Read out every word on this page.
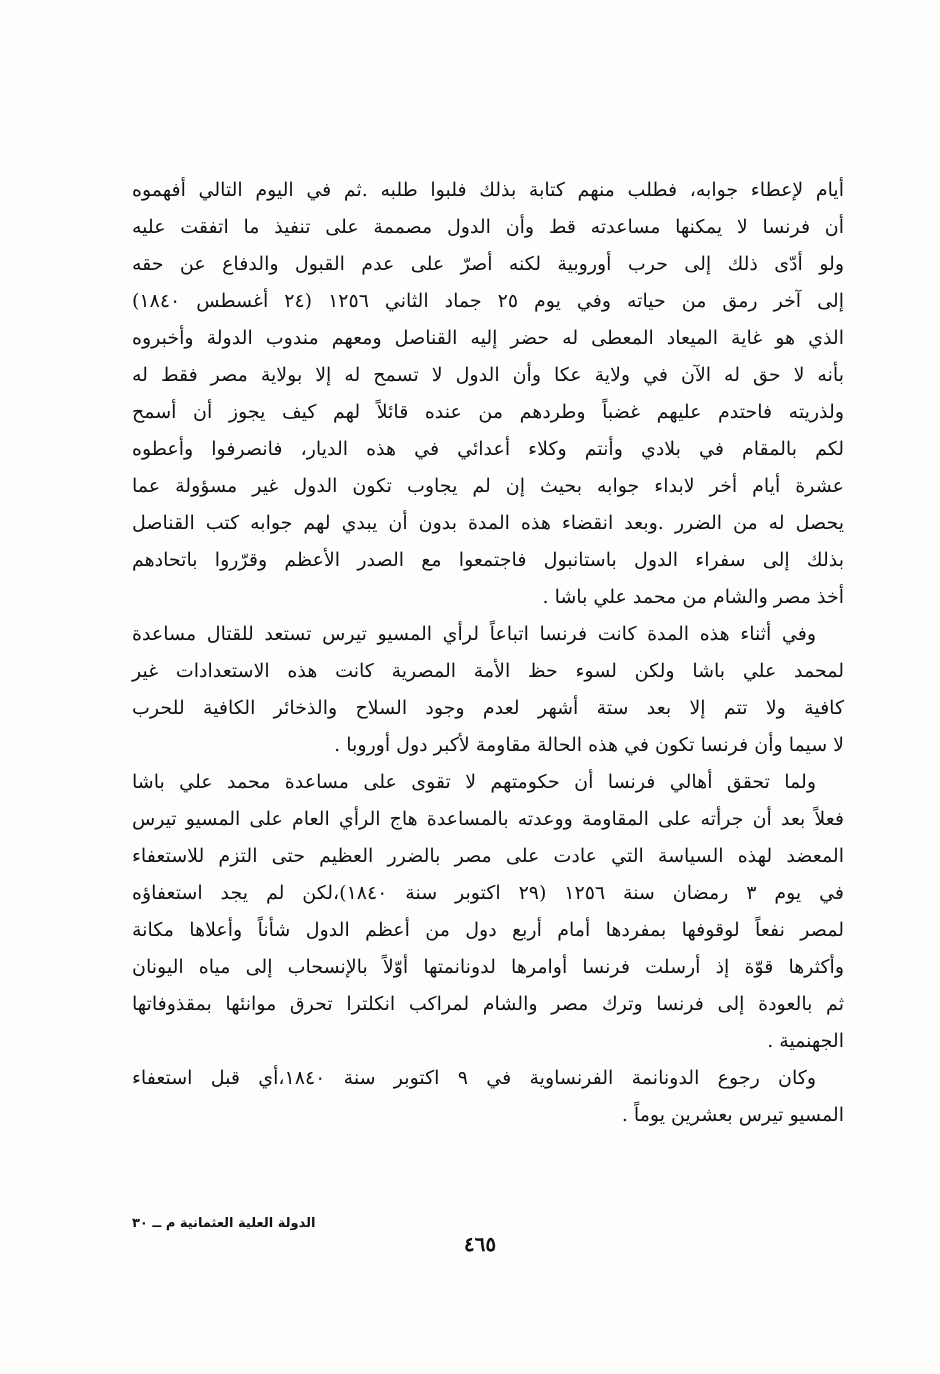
أيام لإعطاء جوابه، فطلب منهم كتابة بذلك فلبوا طلبه .ثم في اليوم التالي أفهموه
أن فرنسا لا يمكنها مساعدته قط وأن الدول مصممة على تنفيذ ما اتفقت عليه
ولو أدّى ذلك إلى حرب أوروبية لكنه أصرّ على عدم القبول والدفاع عن حقه
إلى آخر رمق من حياته وفي يوم ٢٥ جماد الثاني ١٢٥٦ (٢٤ أغسطس ١٨٤٠)
الذي هو غاية الميعاد المعطى له حضر إليه القناصل ومعهم مندوب الدولة وأخبروه
بأنه لا حق له الآن في ولاية عكا وأن الدول لا تسمح له إلا بولاية مصر فقط له
ولذريته فاحتدم عليهم غضباً وطردهم من عنده قائلاً لهم كيف يجوز أن أسمح
لكم بالمقام في بلادي وأنتم وكلاء أعدائي في هذه الديار، فانصرفوا وأعطوه
عشرة أيام أخر لابداء جوابه بحيث إن لم يجاوب تكون الدول غير مسؤولة عما
يحصل له من الضرر .وبعد انقضاء هذه المدة بدون أن يبدي لهم جوابه كتب القناصل
بذلك إلى سفراء الدول باستانبول فاجتمعوا مع الصدر الأعظم وقرّروا باتحادهم
أخذ مصر والشام من محمد علي باشا .
وفي أثناء هذه المدة كانت فرنسا اتباعاً لرأي المسيو تيرس تستعد للقتال مساعدة
لمحمد علي باشا ولكن لسوء حظ الأمة المصرية كانت هذه الاستعدادات غير
كافية ولا تتم إلا بعد ستة أشهر لعدم وجود السلاح والذخائر الكافية للحرب
لا سيما وأن فرنسا تكون في هذه الحالة مقاومة لأكبر دول أوروبا .
ولما تحقق أهالي فرنسا أن حكومتهم لا تقوى على مساعدة محمد علي باشا
فعلاً بعد أن جرأته على المقاومة ووعدته بالمساعدة هاج الرأي العام على المسيو تيرس
المعضد لهذه السياسة التي عادت على مصر بالضرر العظيم حتى التزم للاستعفاء
في يوم ٣ رمضان سنة ١٢٥٦ (٢٩ اكتوبر سنة ١٨٤٠)،لكن لم يجد استعفاؤه
لمصر نفعاً لوقوفها بمفردها أمام أربع دول من أعظم الدول شأناً وأعلاها مكانة
وأكثرها قوّة إذ أرسلت فرنسا أوامرها لدونانمتها أوّلاً بالإنسحاب إلى مياه اليونان
ثم بالعودة إلى فرنسا وترك مصر والشام لمراكب انكلترا تحرق موانئها بمقذوفاتها
الجهنمية .
وكان رجوع الدونانمة الفرنساوية في ٩ اكتوبر سنة ١٨٤٠،أي قبل استعفاء
المسيو تيرس بعشرين يوماً .
الدولة العلية العثمانية م ــ ٣٠
٤٦٥
